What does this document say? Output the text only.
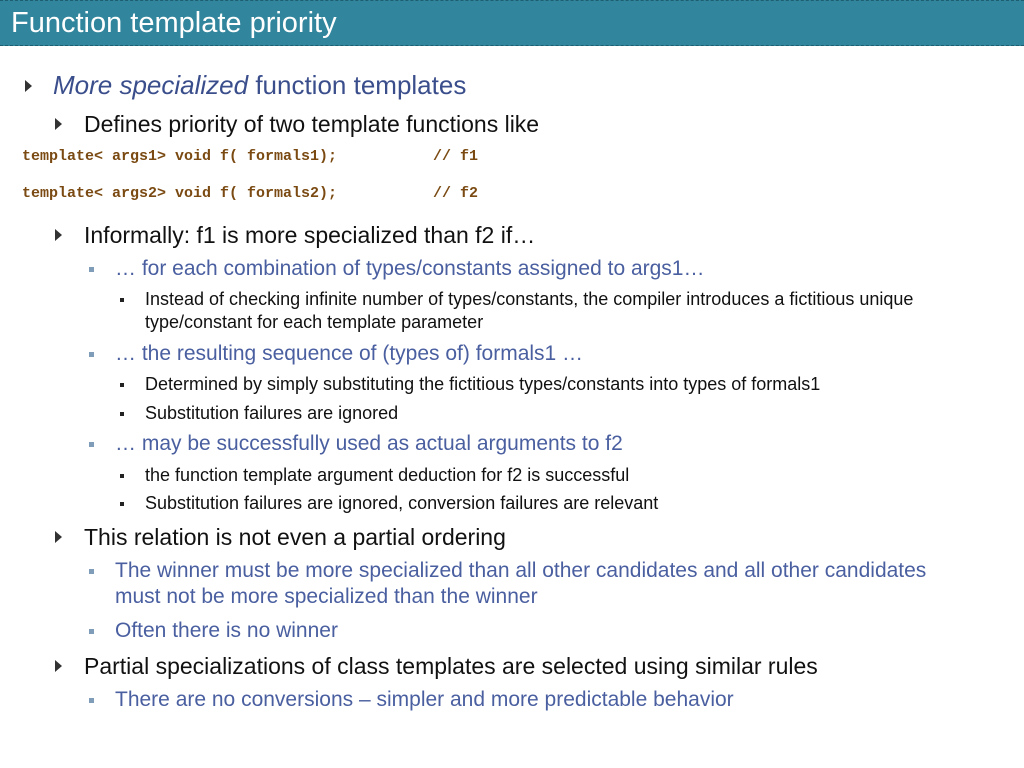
Function template priority
More specialized function templates
Defines priority of two template functions like
template< args1> void f( formals1);	// f1
template< args2> void f( formals2);	// f2
Informally: f1 is more specialized than f2 if…
… for each combination of types/constants assigned to args1…
Instead of checking infinite number of types/constants, the compiler introduces a fictitious unique
type/constant for each template parameter
… the resulting sequence of (types of) formals1 …
Determined by simply substituting the fictitious types/constants into types of formals1
Substitution failures are ignored
… may be successfully used as actual arguments to f2
the function template argument deduction for f2 is successful
Substitution failures are ignored, conversion failures are relevant
This relation is not even a partial ordering
The winner must be more specialized than all other candidates and all other candidates
must not be more specialized than the winner
Often there is no winner
Partial specializations of class templates are selected using similar rules
There are no conversions – simpler and more predictable behavior
